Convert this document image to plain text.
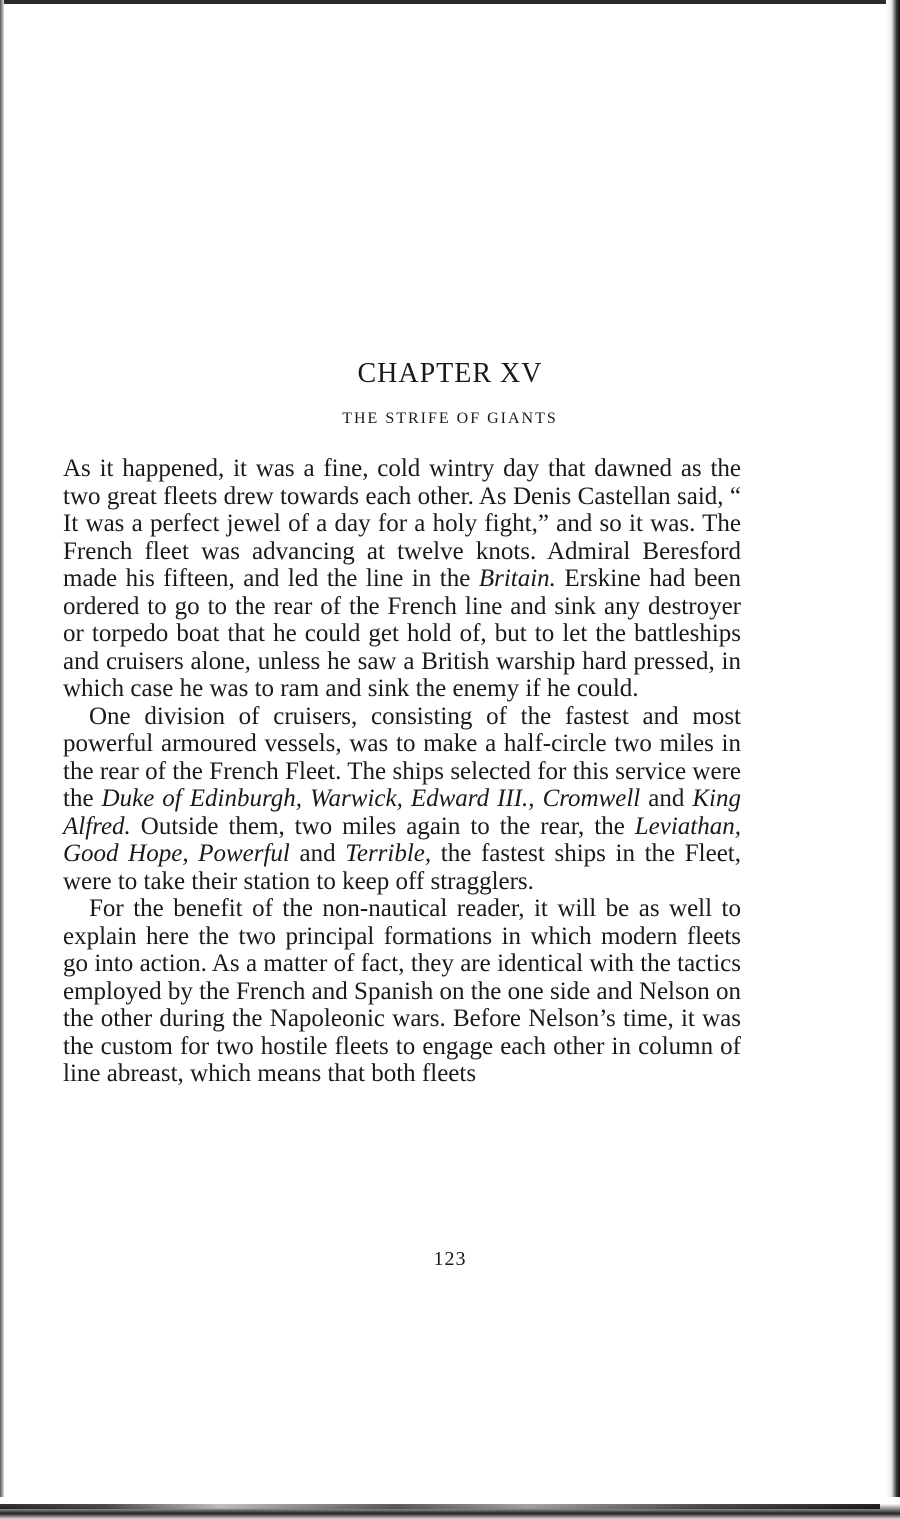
CHAPTER XV
THE STRIFE OF GIANTS

As it happened, it was a fine, cold wintry day that dawned as the two great fleets drew towards each other. As Denis Castellan said, “ It was a perfect jewel of a day for a holy fight,” and so it was. The French fleet was advancing at twelve knots. Admiral Beresford made his fifteen, and led the line in the Britain. Erskine had been ordered to go to the rear of the French line and sink any destroyer or torpedo boat that he could get hold of, but to let the battleships and cruisers alone, unless he saw a British warship hard pressed, in which case he was to ram and sink the enemy if he could.

One division of cruisers, consisting of the fastest and most powerful armoured vessels, was to make a half-circle two miles in the rear of the French Fleet. The ships selected for this service were the Duke of Edinburgh, Warwick, Edward III., Cromwell and King Alfred. Outside them, two miles again to the rear, the Leviathan, Good Hope, Powerful and Terrible, the fastest ships in the Fleet, were to take their station to keep off stragglers.

For the benefit of the non-nautical reader, it will be as well to explain here the two principal formations in which modern fleets go into action. As a matter of fact, they are identical with the tactics employed by the French and Spanish on the one side and Nelson on the other during the Napoleonic wars. Before Nelson’s time, it was the custom for two hostile fleets to engage each other in column of line abreast, which means that both fleets

123
